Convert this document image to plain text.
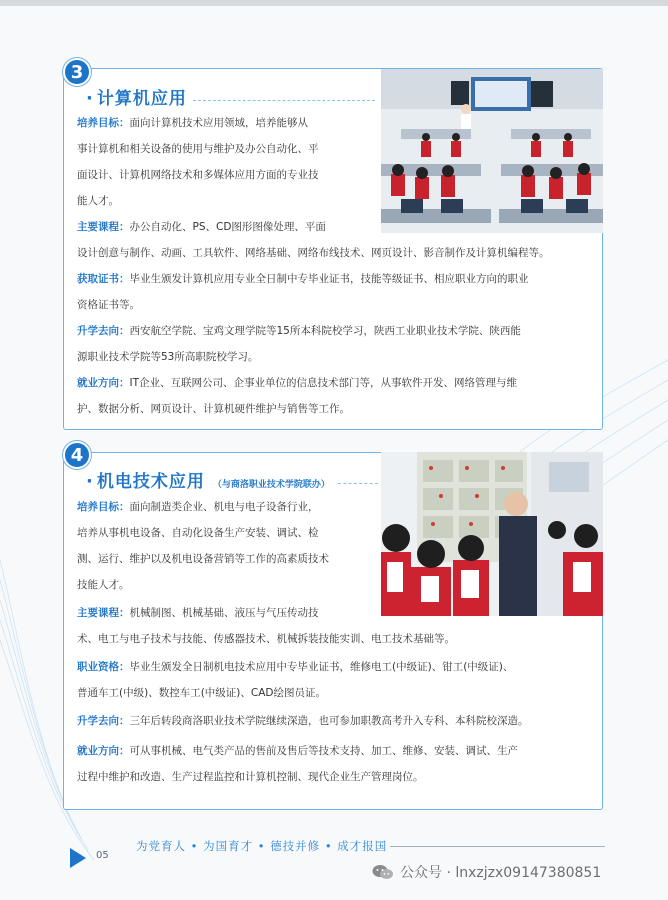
3
· 计算机应用

培养目标：面向计算机技术应用领域，培养能够从
事计算机和相关设备的使用与维护及办公自动化、平
面设计、计算机网络技术和多媒体应用方面的专业技
能人才。

主要课程：办公自动化、PS、CD图形图像处理、平面
设计创意与制作、动画、工具软件、网络基础、网络布线技术、网页设计、影音制作及计算机编程等。

获取证书：毕业生颁发计算机应用专业全日制中专毕业证书，技能等级证书、相应职业方向的职业
资格证书等。

升学去向：西安航空学院、宝鸡文理学院等15所本科院校学习，陕西工业职业技术学院、陕西能
源职业技术学院等53所高职院校学习。

就业方向：IT企业、互联网公司、企事业单位的信息技术部门等，从事软件开发、网络管理与维
护、数据分析、网页设计、计算机硬件维护与销售等工作。

4
· 机电技术应用 （与商洛职业技术学院联办）

培养目标：面向制造类企业、机电与电子设备行业，
培养从事机电设备、自动化设备生产安装、调试、检
测、运行、维护以及机电设备营销等工作的高素质技术
技能人才。

主要课程：机械制图、机械基础、液压与气压传动技
术、电工与电子技术与技能、传感器技术、机械拆装技能实训、电工技术基础等。

职业资格：毕业生颁发全日制机电技术应用中专毕业证书，维修电工(中级证)、钳工(中级证)、
普通车工(中级)、数控车工(中级证)、CAD绘图员证。

升学去向：三年后转段商洛职业技术学院继续深造，也可参加职教高考升入专科、本科院校深造。

就业方向：可从事机械、电气类产品的售前及售后等技术支持、加工、维修、安装、调试、生产
过程中维护和改造、生产过程监控和计算机控制、现代企业生产管理岗位。

05
为党育人 • 为国育才 • 德技并修 • 成才报国
公众号 · lnxzjzx09147380851
